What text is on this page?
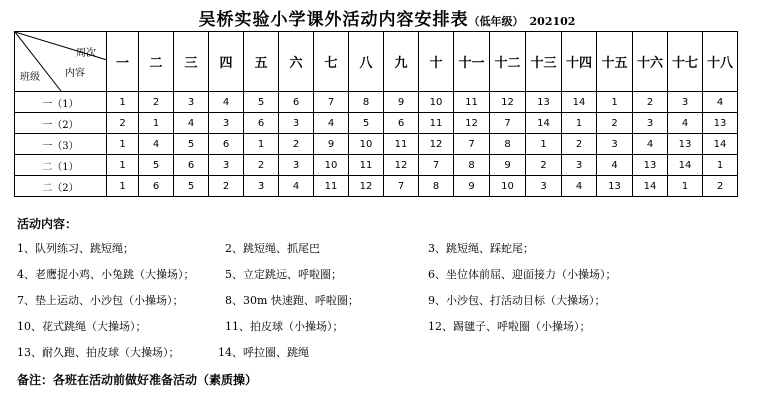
吴桥实验小学课外活动内容安排表（低年级） 202102
周次
班级 内容	一	二	三	四	五	六	七	八	九	十	十一	十二	十三	十四	十五	十六	十七	十八
一（1）	1	2	3	4	5	6	7	8	9	10	11	12	13	14	1	2	3	4
一（2）	2	1	4	3	6	3	4	5	6	11	12	7	14	1	2	3	4	13
一（3）	1	4	5	6	1	2	9	10	11	12	7	8	1	2	3	4	13	14
二（1）	1	5	6	3	2	3	10	11	12	7	8	9	2	3	4	13	14	1
二（2）	1	6	5	2	3	4	11	12	7	8	9	10	3	4	13	14	1	2
活动内容：
1、队列练习、跳短绳；	2、跳短绳、抓尾巴	3、跳短绳、踩蛇尾；
4、老鹰捉小鸡、小兔跳（大操场）；	5、立定跳远、呼啦圈；	6、坐位体前屈、迎面接力（小操场）；
7、垫上运动、小沙包（小操场）；	8、30m 快速跑、呼啦圈；	9、小沙包、打活动目标（大操场）；
10、花式跳绳（大操场）；	11、拍皮球（小操场）；	12、踢毽子、呼啦圈（小操场）；
13、耐久跑、拍皮球（大操场）；	14、呼拉圈、跳绳
备注：各班在活动前做好准备活动（素质操）
